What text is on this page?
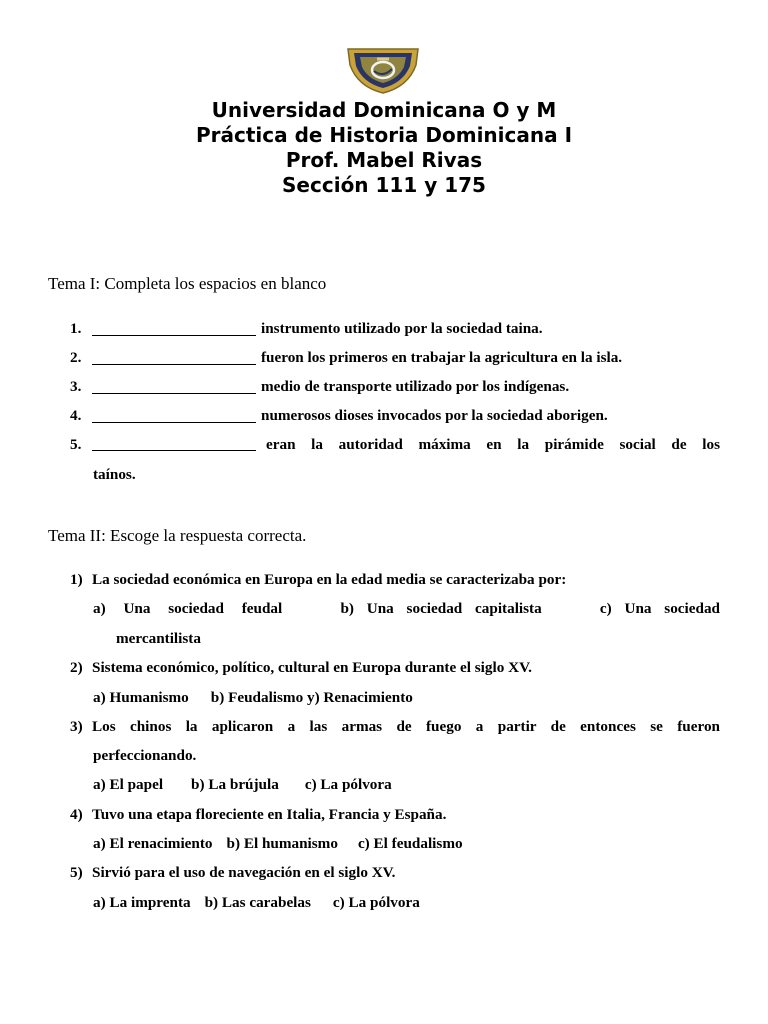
Universidad Dominicana O y M
Práctica de Historia Dominicana I
Prof. Mabel Rivas
Sección 111 y 175
Tema I: Completa los espacios en blanco
1.	instrumento utilizado por la sociedad taina.
2.	fueron los primeros en trabajar la agricultura en la isla.
3.	medio de transporte utilizado por los indígenas.
4.	numerosos dioses invocados por la sociedad aborigen.
5.	eran la autoridad máxima en la pirámide social de los
taínos.
Tema II: Escoge la respuesta correcta.
1) La sociedad económica en Europa en la edad media se caracterizaba por:
a) Una sociedad feudal	b) Una sociedad capitalista	c) Una sociedad
mercantilista
2) Sistema económico, político, cultural en Europa durante el siglo XV.
a) Humanismo b) Feudalismo y) Renacimiento
3) Los chinos la aplicaron a las armas de fuego a partir de entonces se fueron
perfeccionando.
a) El papel b) La brújula c) La pólvora
4) Tuvo una etapa floreciente en Italia, Francia y España.
a) El renacimiento b) El humanismo c) El feudalismo
5) Sirvió para el uso de navegación en el siglo XV.
a) La imprenta b) Las carabelas c) La pólvora
